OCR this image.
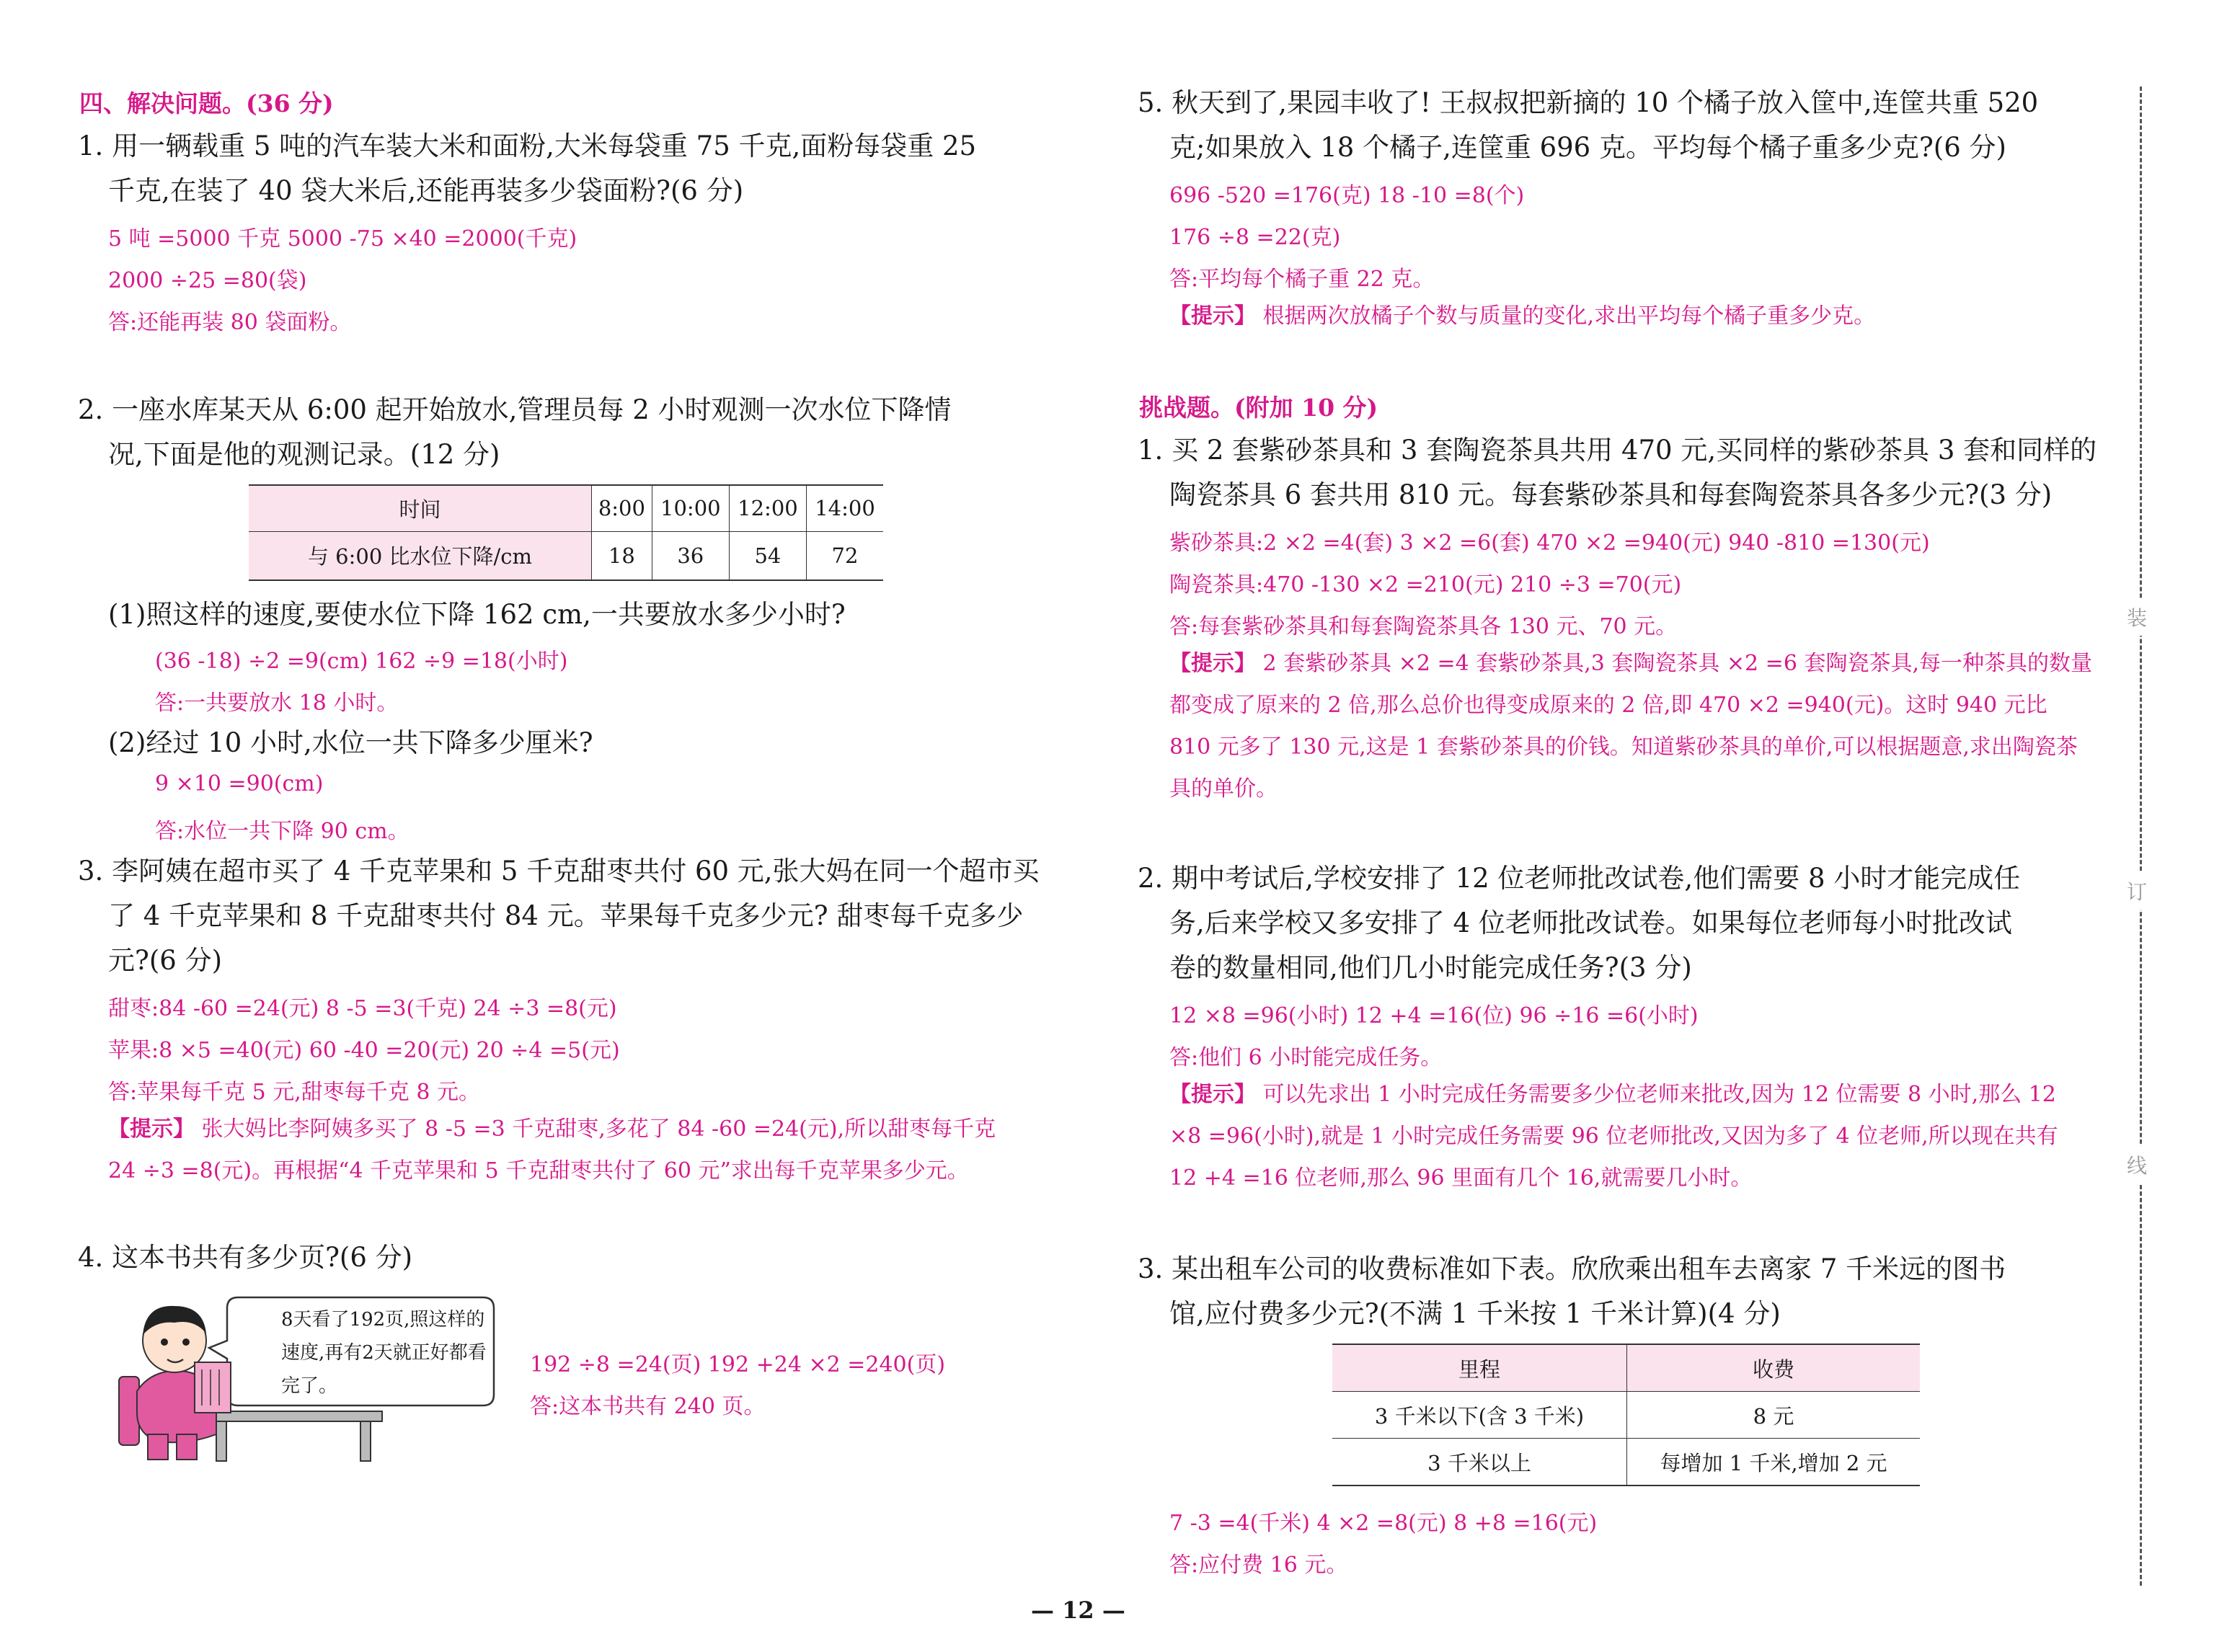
四、解决问题。(36 分)
1. 用一辆载重 5 吨的汽车装大米和面粉,大米每袋重 75 千克,面粉每袋重 25
千克,在装了 40 袋大米后,还能再装多少袋面粉?(6 分)
5 吨 =5000 千克 5000 -75 ×40 =2000(千克)
2000 ÷25 =80(袋)
答:还能再装 80 袋面粉。
2. 一座水库某天从 6:00 起开始放水,管理员每 2 小时观测一次水位下降情
况,下面是他的观测记录。(12 分)
时间	8:00	10:00	12:00	14:00
与 6:00 比水位下降/cm	18	36	54	72
(1)照这样的速度,要使水位下降 162 cm,一共要放水多少小时?
(36 -18) ÷2 =9(cm) 162 ÷9 =18(小时)
答:一共要放水 18 小时。
(2)经过 10 小时,水位一共下降多少厘米?
9 ×10 =90(cm)
答:水位一共下降 90 cm。
3. 李阿姨在超市买了 4 千克苹果和 5 千克甜枣共付 60 元,张大妈在同一个超市买
了 4 千克苹果和 8 千克甜枣共付 84 元。苹果每千克多少元? 甜枣每千克多少
元?(6 分)
甜枣:84 -60 =24(元) 8 -5 =3(千克) 24 ÷3 =8(元)
苹果:8 ×5 =40(元) 60 -40 =20(元) 20 ÷4 =5(元)
答:苹果每千克 5 元,甜枣每千克 8 元。
【提示】 张大妈比李阿姨多买了 8 -5 =3 千克甜枣,多花了 84 -60 =24(元),所以甜枣每千克 24 ÷3 =8(元)。再根据“4 千克苹果和 5 千克甜枣共付了 60 元”求出每千克苹果多少元。
4. 这本书共有多少页?(6 分)
8天看了192页,照这样的速度,再有2天就正好都看完了。
192 ÷8 =24(页) 192 +24 ×2 =240(页)
答:这本书共有 240 页。
5. 秋天到了,果园丰收了! 王叔叔把新摘的 10 个橘子放入筐中,连筐共重 520
克;如果放入 18 个橘子,连筐重 696 克。平均每个橘子重多少克?(6 分)
696 -520 =176(克) 18 -10 =8(个)
176 ÷8 =22(克)
答:平均每个橘子重 22 克。
【提示】 根据两次放橘子个数与质量的变化,求出平均每个橘子重多少克。
挑战题。(附加 10 分)
1. 买 2 套紫砂茶具和 3 套陶瓷茶具共用 470 元,买同样的紫砂茶具 3 套和同样的
陶瓷茶具 6 套共用 810 元。每套紫砂茶具和每套陶瓷茶具各多少元?(3 分)
紫砂茶具:2 ×2 =4(套) 3 ×2 =6(套) 470 ×2 =940(元) 940 -810 =130(元)
陶瓷茶具:470 -130 ×2 =210(元) 210 ÷3 =70(元)
答:每套紫砂茶具和每套陶瓷茶具各 130 元、70 元。
【提示】 2 套紫砂茶具 ×2 =4 套紫砂茶具,3 套陶瓷茶具 ×2 =6 套陶瓷茶具,每一种茶具的数量都变成了原来的 2 倍,那么总价也得变成原来的 2 倍,即 470 ×2 =940(元)。这时 940 元比 810 元多了 130 元,这是 1 套紫砂茶具的价钱。知道紫砂茶具的单价,可以根据题意,求出陶瓷茶具的单价。
2. 期中考试后,学校安排了 12 位老师批改试卷,他们需要 8 小时才能完成任
务,后来学校又多安排了 4 位老师批改试卷。如果每位老师每小时批改试
卷的数量相同,他们几小时能完成任务?(3 分)
12 ×8 =96(小时) 12 +4 =16(位) 96 ÷16 =6(小时)
答:他们 6 小时能完成任务。
【提示】 可以先求出 1 小时完成任务需要多少位老师来批改,因为 12 位需要 8 小时,那么 12 ×8 =96(小时),就是 1 小时完成任务需要 96 位老师批改,又因为多了 4 位老师,所以现在共有 12 +4 =16 位老师,那么 96 里面有几个 16,就需要几小时。
3. 某出租车公司的收费标准如下表。欣欣乘出租车去离家 7 千米远的图书
馆,应付费多少元?(不满 1 千米按 1 千米计算)(4 分)
里程	收费
3 千米以下(含 3 千米)	8 元
3 千米以上	每增加 1 千米,增加 2 元
7 -3 =4(千米) 4 ×2 =8(元) 8 +8 =16(元)
答:应付费 16 元。
装
订
线
— 12 —
